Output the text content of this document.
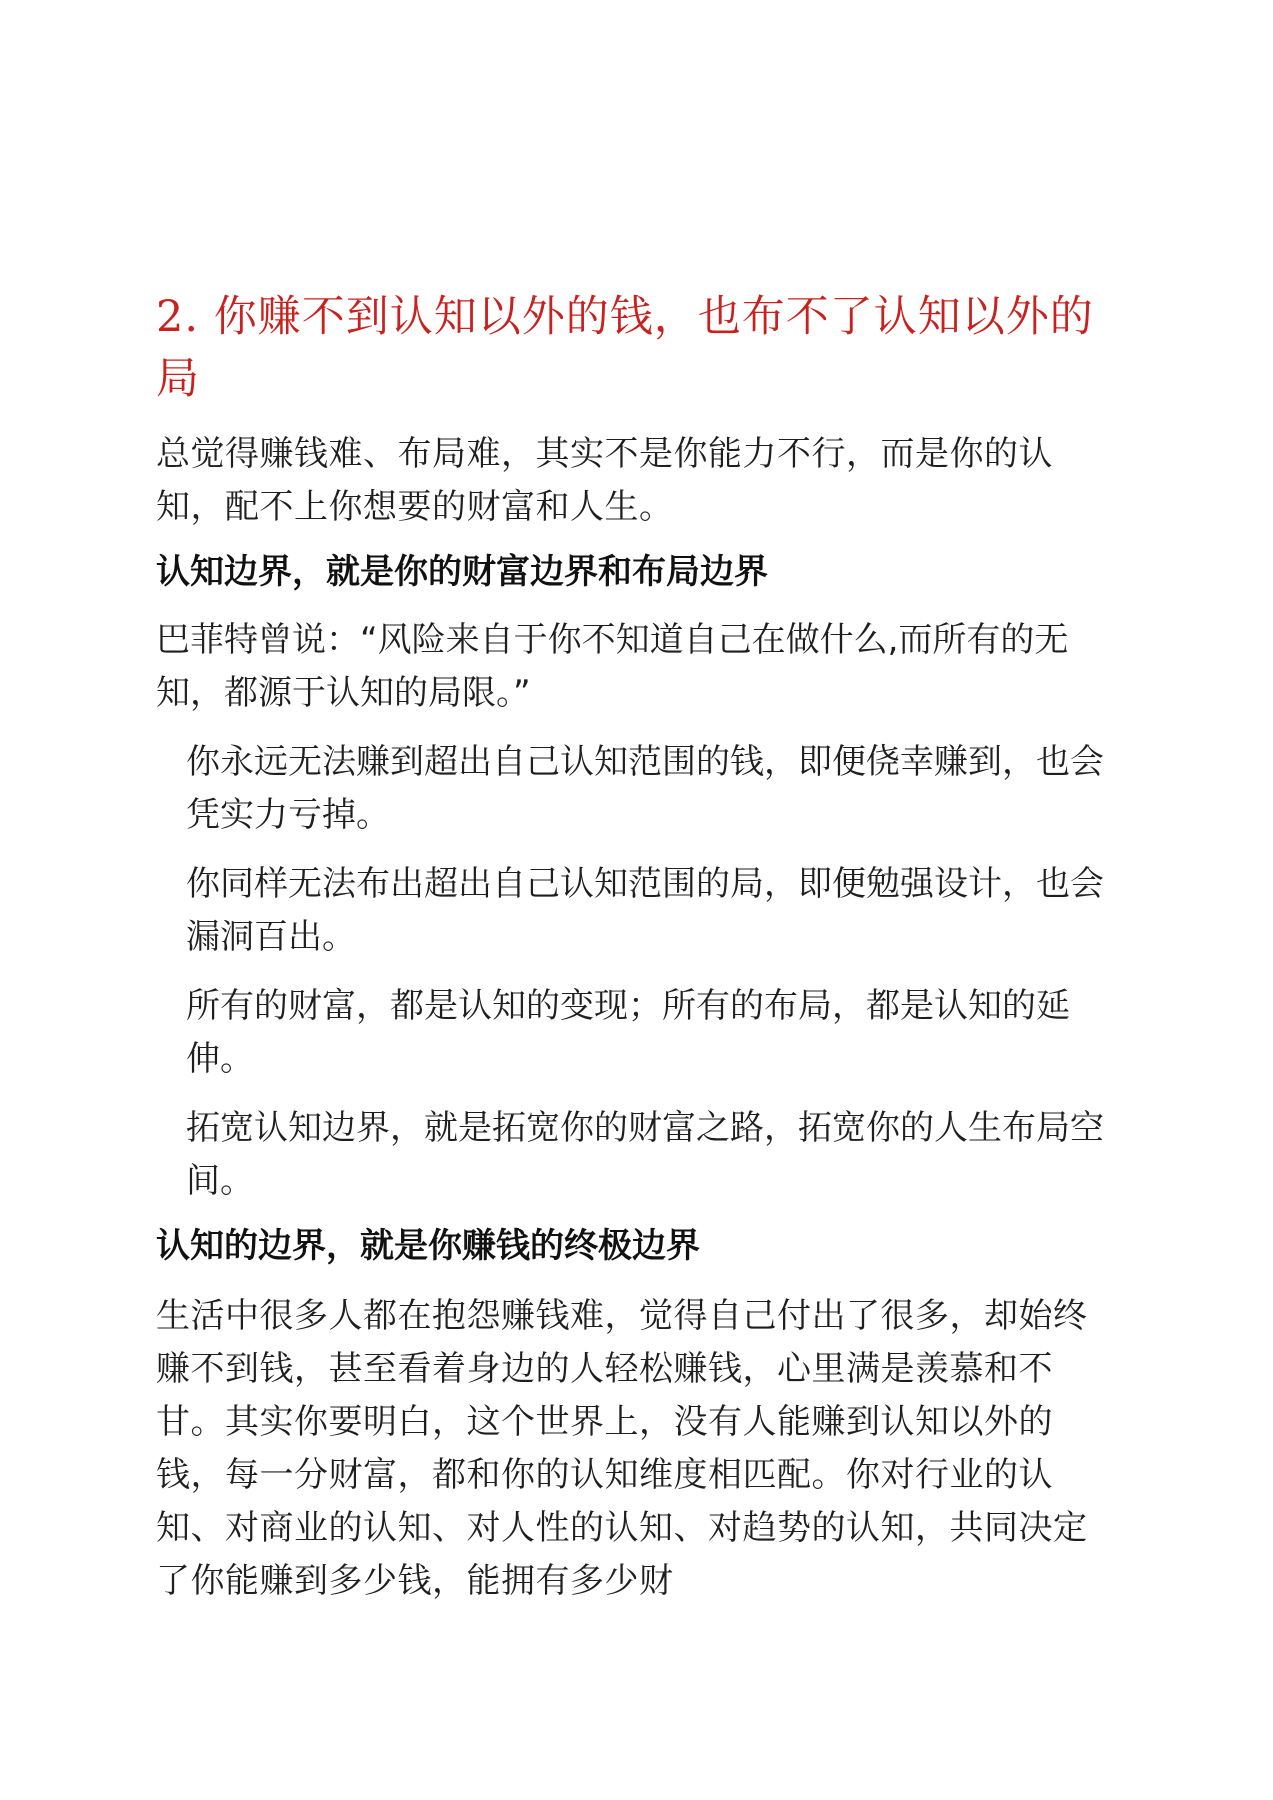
2. 你赚不到认知以外的钱，也布不了认知以外的局

总觉得赚钱难、布局难，其实不是你能力不行，而是你的认知，配不上你想要的财富和人生。

认知边界，就是你的财富边界和布局边界

巴菲特曾说：“风险来自于你不知道自己在做什么,而所有的无知，都源于认知的局限。”

你永远无法赚到超出自己认知范围的钱，即便侥幸赚到，也会凭实力亏掉。

你同样无法布出超出自己认知范围的局，即便勉强设计，也会漏洞百出。

所有的财富，都是认知的变现；所有的布局，都是认知的延伸。

拓宽认知边界，就是拓宽你的财富之路，拓宽你的人生布局空间。

认知的边界，就是你赚钱的终极边界

生活中很多人都在抱怨赚钱难，觉得自己付出了很多，却始终赚不到钱，甚至看着身边的人轻松赚钱，心里满是羡慕和不甘。其实你要明白，这个世界上，没有人能赚到认知以外的钱，每一分财富，都和你的认知维度相匹配。你对行业的认知、对商业的认知、对人性的认知、对趋势的认知，共同决定了你能赚到多少钱，能拥有多少财
